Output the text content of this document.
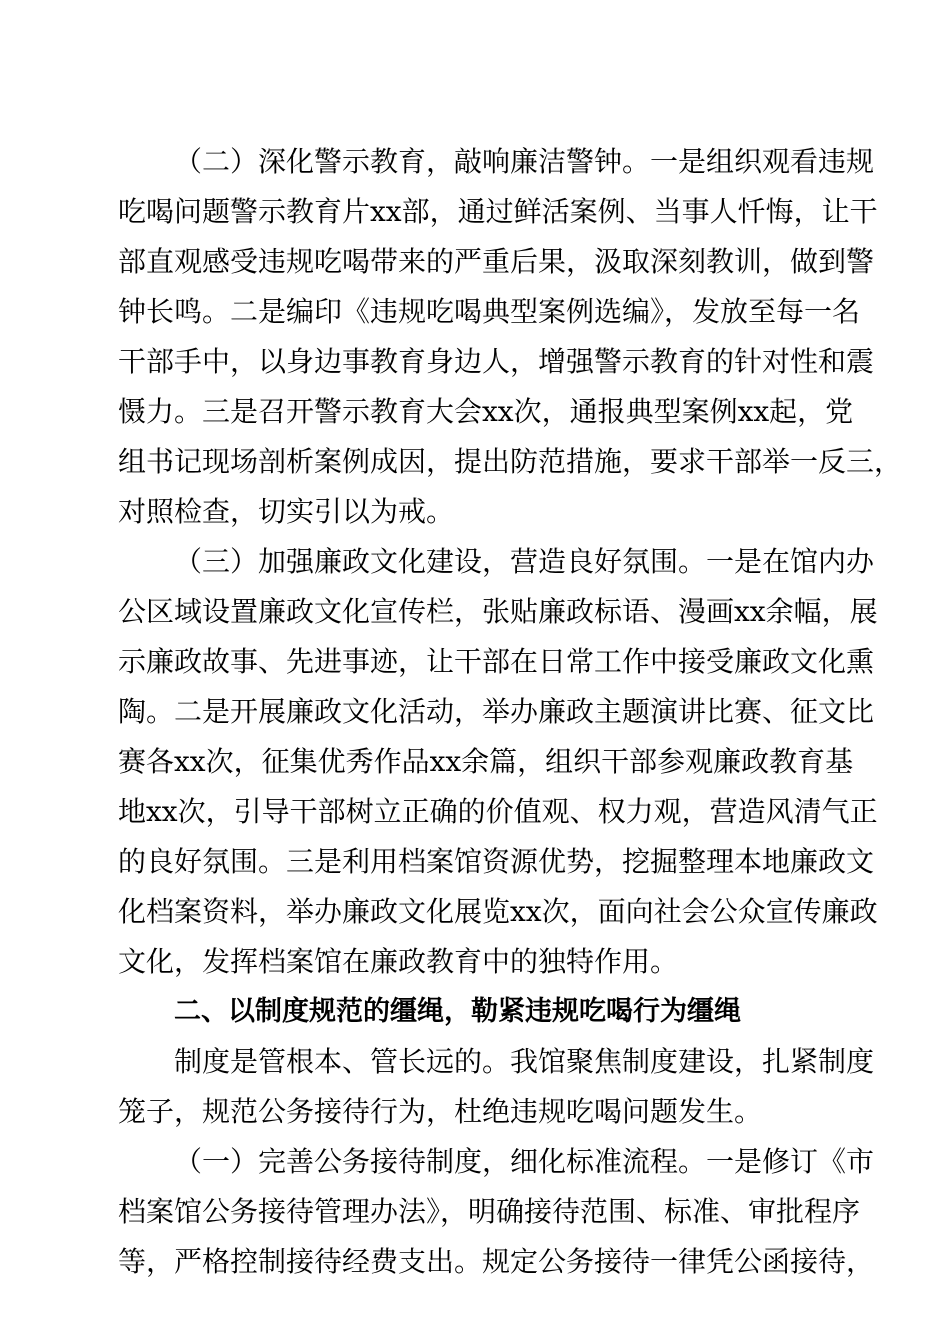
（二）深化警示教育，敲响廉洁警钟。一是组织观看违规
吃喝问题警示教育片xx部，通过鲜活案例、当事人忏悔，让干
部直观感受违规吃喝带来的严重后果，汲取深刻教训，做到警
钟长鸣。二是编印《违规吃喝典型案例选编》，发放至每一名
干部手中，以身边事教育身边人，增强警示教育的针对性和震
慑力。三是召开警示教育大会xx次，通报典型案例xx起，党
组书记现场剖析案例成因，提出防范措施，要求干部举一反三，
对照检查，切实引以为戒。
（三）加强廉政文化建设，营造良好氛围。一是在馆内办
公区域设置廉政文化宣传栏，张贴廉政标语、漫画xx余幅，展
示廉政故事、先进事迹，让干部在日常工作中接受廉政文化熏
陶。二是开展廉政文化活动，举办廉政主题演讲比赛、征文比
赛各xx次，征集优秀作品xx余篇，组织干部参观廉政教育基
地xx次，引导干部树立正确的价值观、权力观，营造风清气正
的良好氛围。三是利用档案馆资源优势，挖掘整理本地廉政文
化档案资料，举办廉政文化展览xx次，面向社会公众宣传廉政
文化，发挥档案馆在廉政教育中的独特作用。
二、以制度规范的缰绳，勒紧违规吃喝行为缰绳
制度是管根本、管长远的。我馆聚焦制度建设，扎紧制度
笼子，规范公务接待行为，杜绝违规吃喝问题发生。
（一）完善公务接待制度，细化标准流程。一是修订《市
档案馆公务接待管理办法》，明确接待范围、标准、审批程序
等，严格控制接待经费支出。规定公务接待一律凭公函接待，
